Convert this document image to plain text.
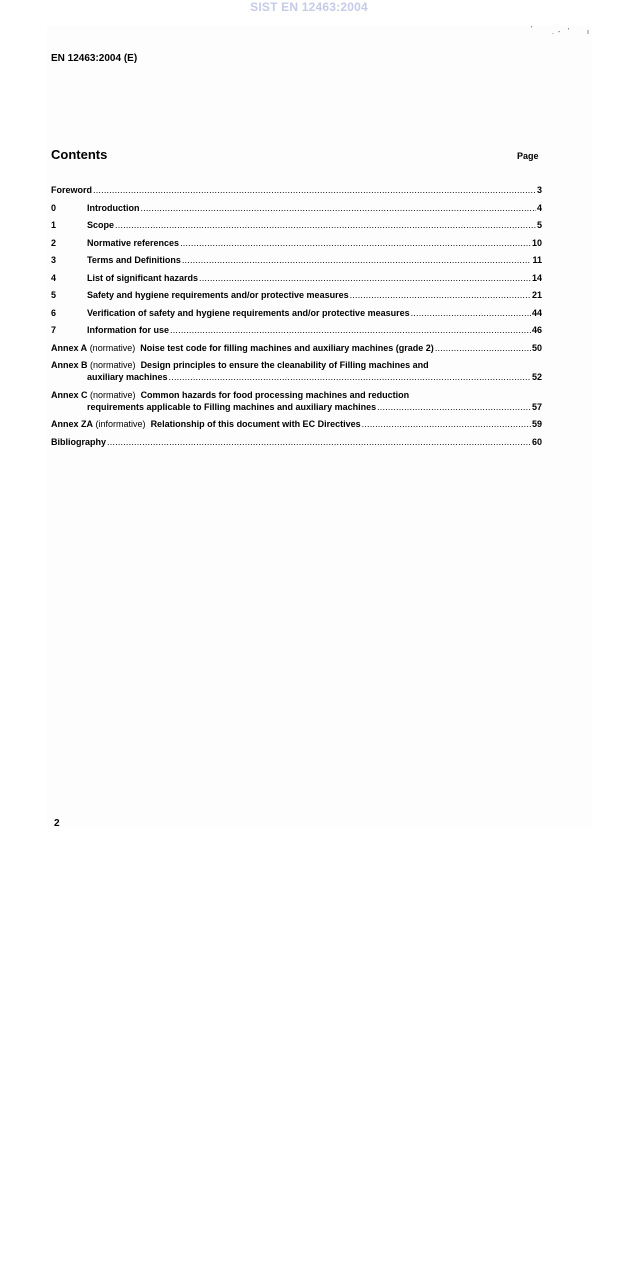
SIST EN 12463:2004
'	. - '	ı
EN 12463:2004 (E)
Contents	Page
Foreword .....	3
0	Introduction .....	4
1	Scope .....	5
2	Normative references .....	10
3	Terms and Definitions .....	11
4	List of significant hazards .....	14
5	Safety and hygiene requirements and/or protective measures .....	21
6	Verification of safety and hygiene requirements and/or protective measures .....	44
7	Information for use .....	46
Annex A
(normative)
Noise test code for filling machines and auxiliary machines (grade 2) .....	50
Annex B
(normative)
Design principles to ensure the cleanability of Filling machines and
auxiliary machines .....	52
Annex C
(normative)
Common hazards for food processing machines and reduction
requirements applicable to Filling machines and auxiliary machines .....	57
Annex ZA
(informative)
Relationship of this document with EC Directives .....	59
Bibliography .....	60
2
